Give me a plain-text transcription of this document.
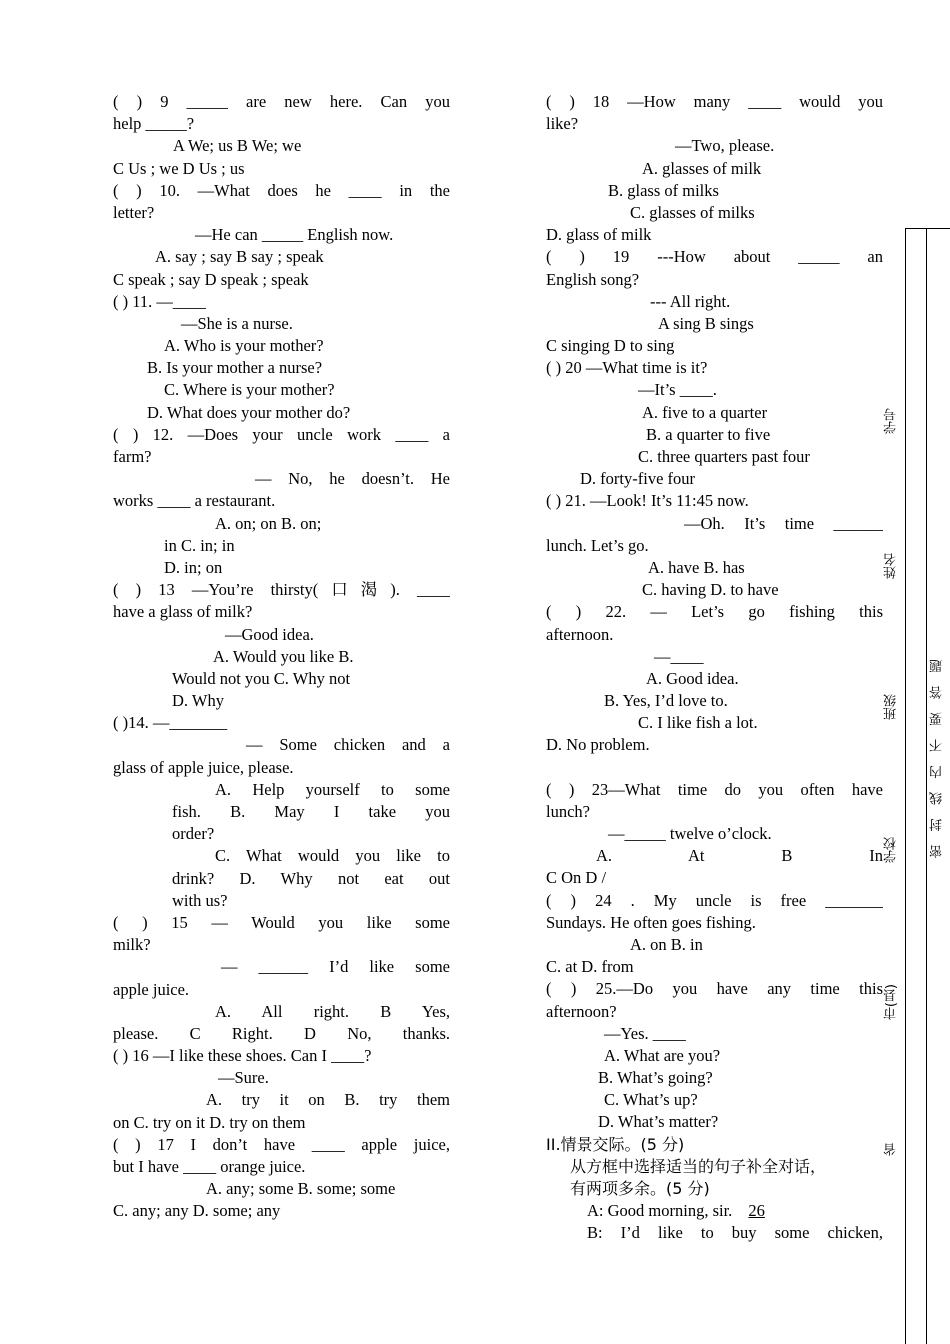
( ) 9 _____ are new here. Can you
help _____?
A We; us B We; we
C Us ; we D Us ; us
( ) 10. —What does he ____ in the
letter?
—He can _____ English now.
A. say ; say B say ; speak
C speak ; say D speak ; speak
( ) 11. —____
—She is a nurse.
A. Who is your mother?
B. Is your mother a nurse?
C. Where is your mother?
D. What does your mother do?
( ) 12. —Does your uncle work ____ a
farm?
— No, he doesn’t. He
works ____ a restaurant.
A. on; on B. on;
in C. in; in
D. in; on
( ) 13 —You’re thirsty(口渴). ____
have a glass of milk?
—Good idea.
A. Would you like B.
Would not you C. Why not
D. Why
( )14. —_______
— Some chicken and a
glass of apple juice, please.
A. Help yourself to some
fish. B. May I take you
order?
C. What would you like to
drink? D. Why not eat out
with us?
( ) 15 — Would you like some
milk?
— ______ I’d like some
apple juice.
A. All right. B Yes,
please. C Right. D No, thanks.
( ) 16 —I like these shoes. Can I ____?
—Sure.
A. try it on B. try them
on C. try on it D. try on them
( ) 17 I don’t have ____ apple juice,
but I have ____ orange juice.
A. any; some B. some; some
C. any; any D. some; any
( ) 18 —How many ____ would you
like?
—Two, please.
A. glasses of milk
B. glass of milks
C. glasses of milks
D. glass of milk
( ) 19 ---How about _____ an
English song?
--- All right.
A sing B sings
C singing D to sing
( ) 20 —What time is it?
—It’s ____.
A. five to a quarter
B. a quarter to five
C. three quarters past four
D. forty-five four
( ) 21. —Look! It’s 11:45 now.
—Oh. It’s time ______
lunch. Let’s go.
A. have B. has
C. having D. to have
( ) 22. — Let’s go fishing this
afternoon.
—____
A. Good idea.
B. Yes, I’d love to.
C. I like fish a lot.
D. No problem.
( ) 23—What time do you often have
lunch?
—_____ twelve o’clock.
A. At B In
C On D /
( ) 24 . My uncle is free _______
Sundays. He often goes fishing.
A. on B. in
C. at D. from
( ) 25.—Do you have any time this
afternoon?
—Yes. ____
A. What are you?
B. What’s going?
C. What’s up?
D. What’s matter?
II.情景交际。(5 分)
从方框中选择适当的句子补全对话，
有两项多余。(5 分)
A: Good morning, sir. 26
B: I’d like to buy some chicken,
学号
姓名
班级
学校
市(县)
省
密封线内不要答题
